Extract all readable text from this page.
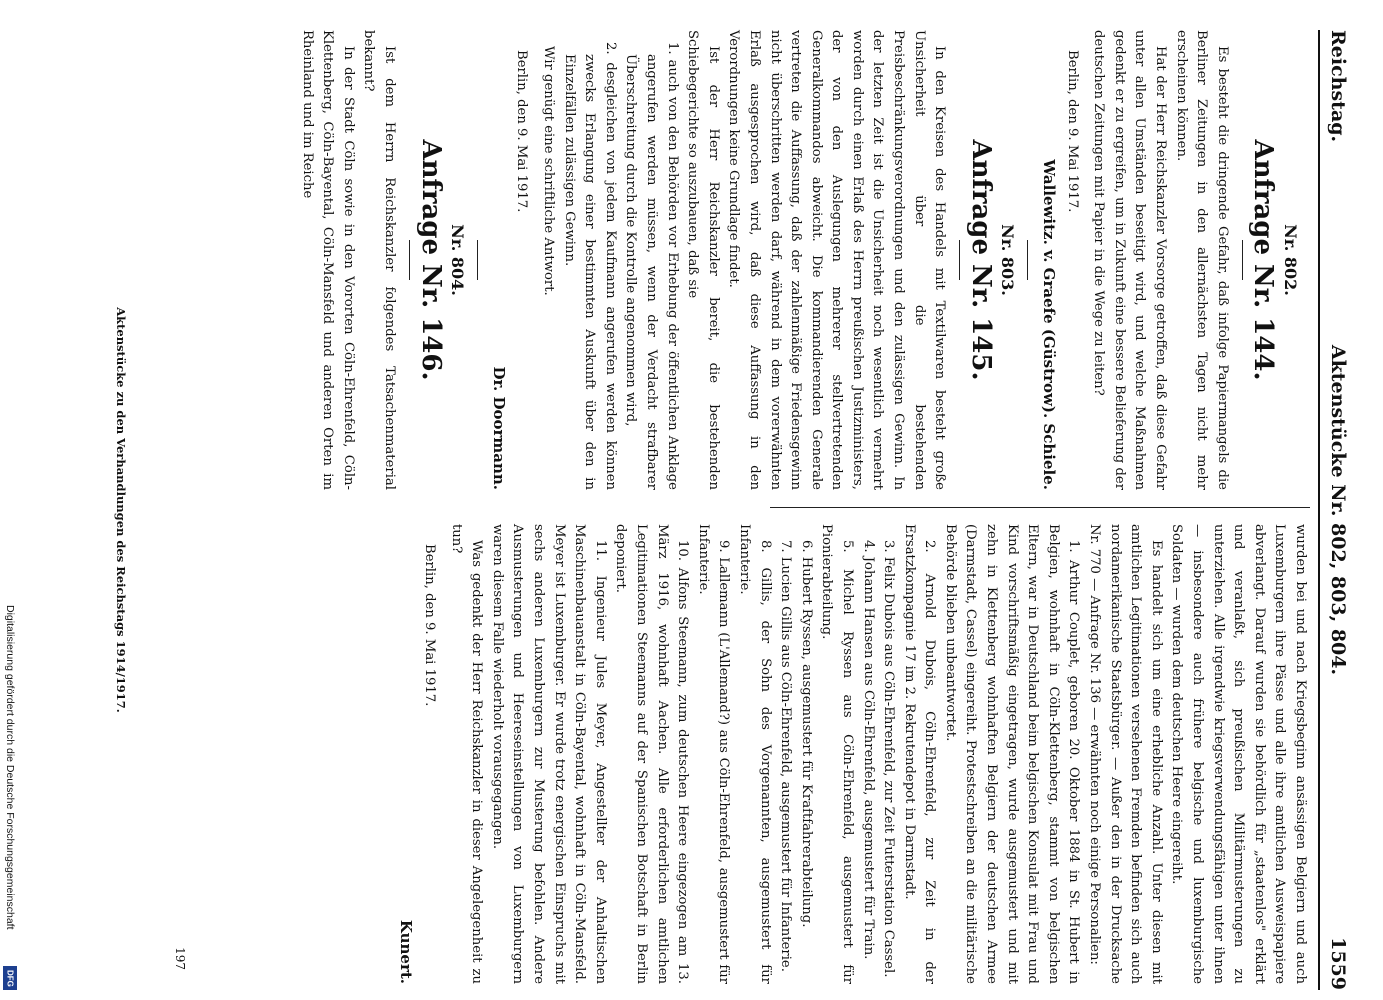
Digitalisierung gefördert durch die Deutsche Forschungsgemeinschaft
DFG
Reichstag.
Aktenstücke Nr. 802, 803, 804.
1559
Nr. 802.
Anfrage Nr. 144.

Es besteht die dringende Gefahr, daß infolge Papiermangels die Berliner Zeitungen in den allernächsten Tagen nicht mehr erscheinen können.

Hat der Herr Reichskanzler Vorsorge getroffen, daß diese Gefahr unter allen Umständen beseitigt wird, und welche Maßnahmen gedenkt er zu ergreifen, um in Zukunft eine bessere Belieferung der deutschen Zeitungen mit Papier in die Wege zu leiten?

Berlin, den 9. Mai 1917.

Wallewitz. v. Graefe (Güstrow). Schiele.
Nr. 803.
Anfrage Nr. 145.

In den Kreisen des Handels mit Textilwaren besteht große Unsicherheit über die bestehenden Preisbeschränkungsverordnungen und den zulässigen Gewinn. In der letzten Zeit ist die Unsicherheit noch wesentlich vermehrt worden durch einen Erlaß des Herrn preußischen Justizministers, der von den Auslegungen mehrerer stellvertretenden Generalkommandos abweicht. Die kommandierenden Generale vertreten die Auffassung, daß der zahlenmäßige Friedensgewinn nicht überschritten werden darf, während in dem vorerwähnten Erlaß ausgesprochen wird, daß diese Auffassung in den Verordnungen keine Grundlage findet.

Ist der Herr Reichskanzler bereit, die bestehenden Schiebegerichte so auszubauen, daß sie

1. auch von den Behörden vor Erhebung der öffentlichen Anklage angerufen werden müssen, wenn der Verdacht strafbarer Überschreitung durch die Kontrolle angenommen wird,

2. desgleichen von jedem Kaufmann angerufen werden können zwecks Erlangung einer bestimmten Auskunft über den in Einzelfällen zulässigen Gewinn.

Wir genügt eine schriftliche Antwort.

Berlin, den 9. Mai 1917.

Dr. Doormann.
Nr. 804.
Anfrage Nr. 146.

Ist dem Herrn Reichskanzler folgendes Tatsachenmaterial bekannt?

In der Stadt Cöln sowie in den Vororten Cöln-Ehrenfeld, Cöln-Klettenberg, Cöln-Bayental, Cöln-Mansfeld und anderen Orten im Rheinland und im Reiche

wurden bei und nach Kriegsbeginn ansässigen Belgiern und auch Luxemburgern ihre Pässe und alle ihre amtlichen Ausweispapiere abverlangt. Darauf wurden sie behördlich für „staatenlos" erklärt und veranlaßt, sich preußischen Militärmusterungen zu unterziehen. Alle irgendwie kriegsverwendungsfähigen unter ihnen — insbesondere auch frühere belgische und luxemburgische Soldaten — wurden dem deutschen Heere eingereiht.

Es handelt sich um eine erhebliche Anzahl. Unter diesen mit amtlichen Legitimationen versehenen Fremden befinden sich auch nordamerikanische Staatsbürger. — Außer den in der Drucksache Nr. 770 — Anfrage Nr. 136 — erwähnten noch einige Personalien:

1. Arthur Couplet, geboren 20. Oktober 1884 in St. Hubert in Belgien, wohnhaft in Cöln-Klettenberg, stammt von belgischen Eltern, war in Deutschland beim belgischen Konsulat mit Frau und Kind vorschriftsmäßig eingetragen, wurde ausgemustert und mit zehn in Klettenberg wohnhaften Belgiern der deutschen Armee (Darmstadt, Cassel) eingereiht. Protestschreiben an die militärische Behörde blieben unbeantwortet.

2. Arnold Dubois, Cöln-Ehrenfeld, zur Zeit in der Ersatzkompagnie 17 im 2. Rekrutendepot in Darmstadt.

3. Felix Dubois aus Cöln-Ehrenfeld, zur Zeit Futterstation Cassel.

4. Johann Hansen aus Cöln-Ehrenfeld, ausgemustert für Train.

5. Michel Ryssen aus Cöln-Ehrenfeld, ausgemustert für Pionierabteilung.

6. Hubert Ryssen, ausgemustert für Kraftfahrerabteilung.

7. Lucien Gillis aus Cöln-Ehrenfeld, ausgemustert für Infanterie.

8. Gillis, der Sohn des Vorgenannten, ausgemustert für Infanterie.

9. Lallemann (L'Allemand?) aus Cöln-Ehrenfeld, ausgemustert für Infanterie.

10. Alfons Steemann, zum deutschen Heere eingezogen am 13. März 1916, wohnhaft Aachen. Alle erforderlichen amtlichen Legitimationen Steemanns auf der Spanischen Botschaft in Berlin deponiert.

11. Ingenieur Jules Meyer, Angestellter der Anhaltischen Maschinenbauanstalt in Cöln-Bayental, wohnhaft in Cöln-Mansfeld. Meyer ist Luxemburger. Er wurde trotz energischen Einspruchs mit sechs anderen Luxemburgern zur Musterung befohlen. Andere Ausmusterungen und Heereseinstellungen von Luxemburgern waren diesem Falle wiederholt vorausgegangen.

Was gedenkt der Herr Reichskanzler in dieser Angelegenheit zu tun?

Berlin, den 9. Mai 1917.

Kunert.
197
Aktenstücke zu den Verhandlungen des Reichstags 1914/1917.
